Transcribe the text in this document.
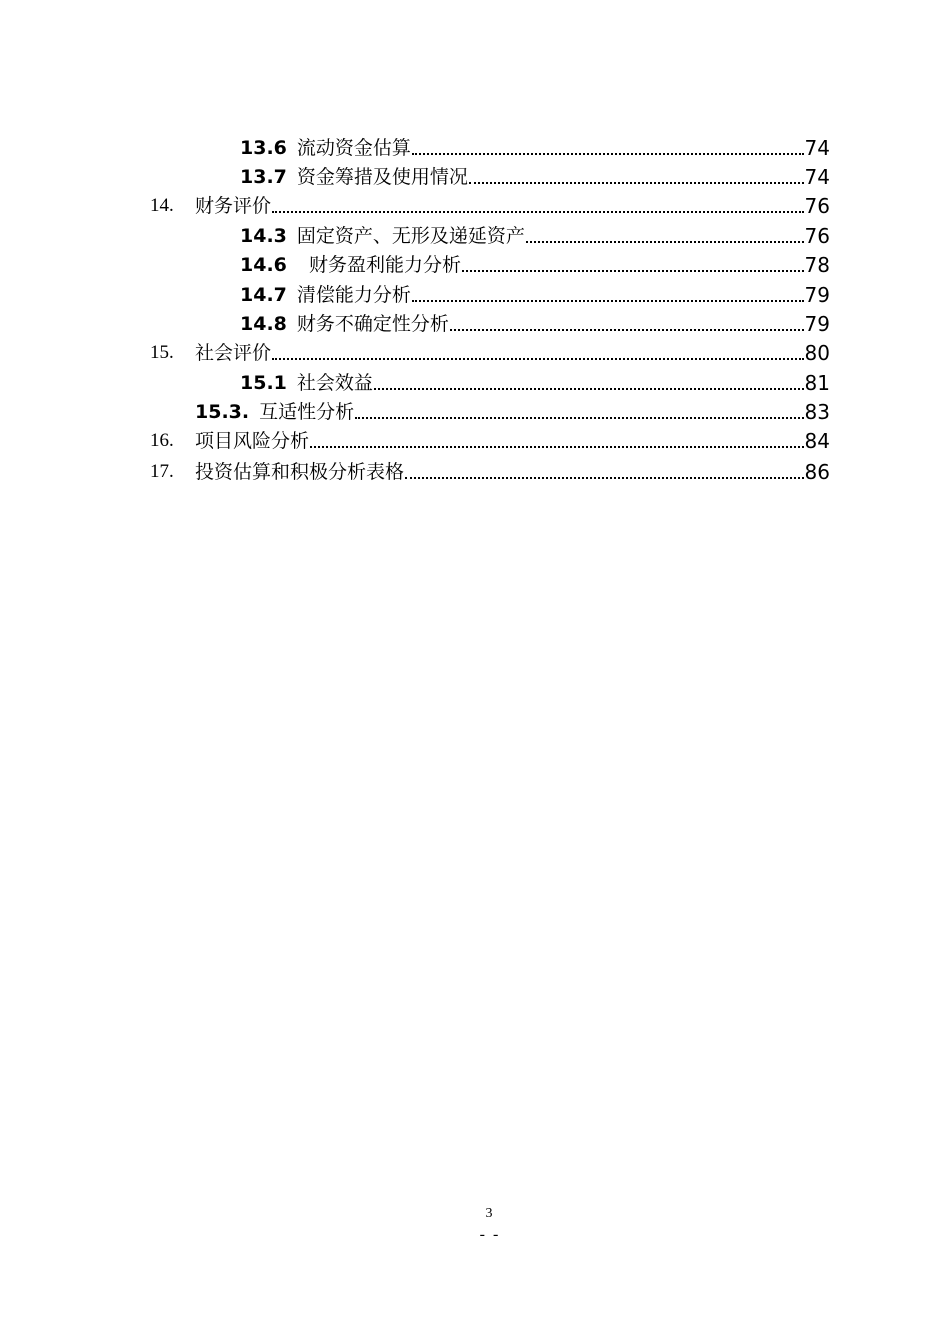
13.6 流动资金估算	74
13.7 资金筹措及使用情况	74
14.	财务评价	76
14.3 固定资产、无形及递延资产	76
14.6 财务盈利能力分析	78
14.7 清偿能力分析	79
14.8 财务不确定性分析	79
15.	社会评价	80
15.1 社会效益	81
15.3. 互适性分析	83
16.	项目风险分析	84
17.	投资估算和积极分析表格	86
3
-  -
